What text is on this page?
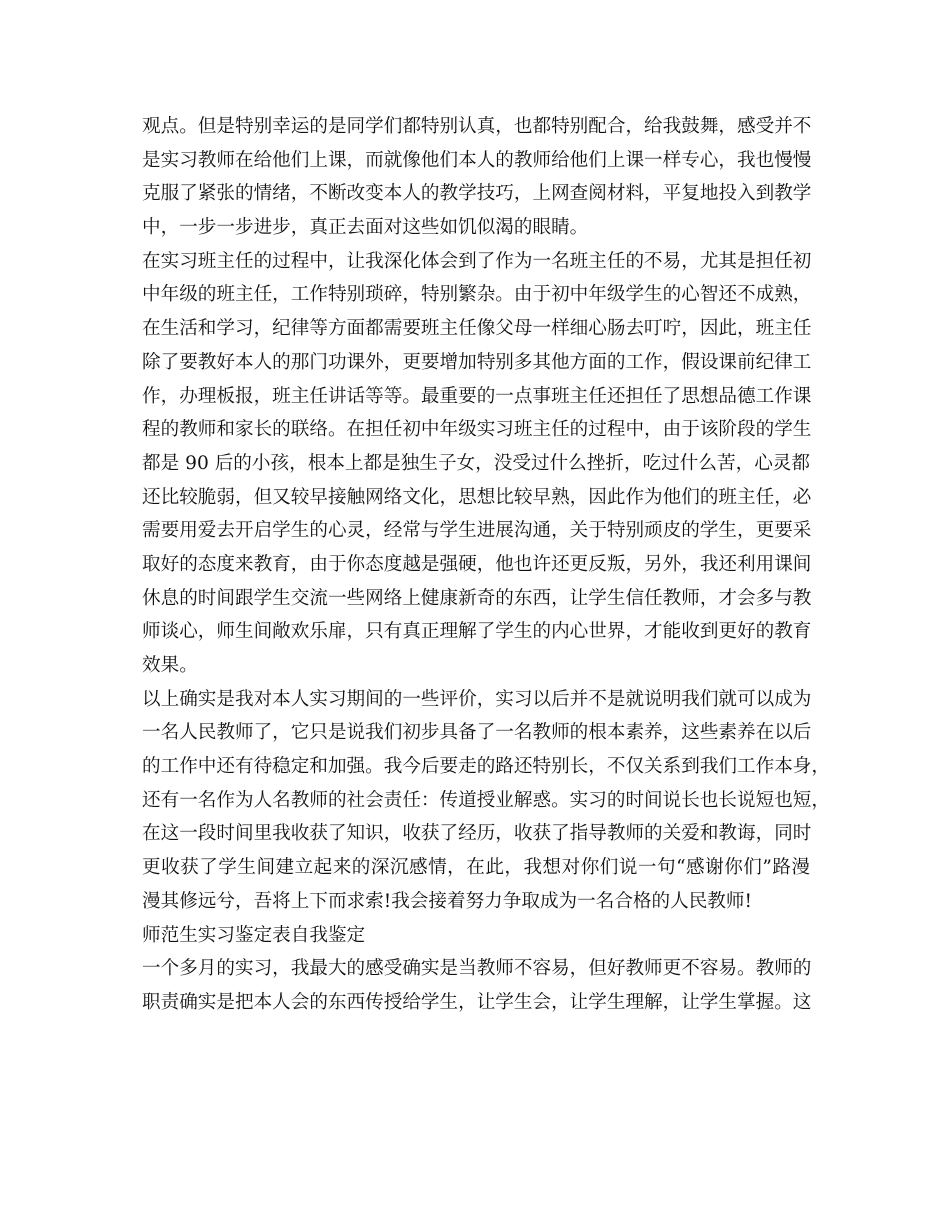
观点。但是特别幸运的是同学们都特别认真，也都特别配合，给我鼓舞，感受并不
是实习教师在给他们上课，而就像他们本人的教师给他们上课一样专心，我也慢慢
克服了紧张的情绪，不断改变本人的教学技巧，上网查阅材料，平复地投入到教学
中，一步一步进步，真正去面对这些如饥似渴的眼睛。
在实习班主任的过程中，让我深化体会到了作为一名班主任的不易，尤其是担任初
中年级的班主任，工作特别琐碎，特别繁杂。由于初中年级学生的心智还不成熟，
在生活和学习，纪律等方面都需要班主任像父母一样细心肠去叮咛，因此，班主任
除了要教好本人的那门功课外，更要增加特别多其他方面的工作，假设课前纪律工
作，办理板报，班主任讲话等等。最重要的一点事班主任还担任了思想品德工作课
程的教师和家长的联络。在担任初中年级实习班主任的过程中，由于该阶段的学生
都是 90 后的小孩，根本上都是独生子女，没受过什么挫折，吃过什么苦，心灵都
还比较脆弱，但又较早接触网络文化，思想比较早熟，因此作为他们的班主任，必
需要用爱去开启学生的心灵，经常与学生进展沟通，关于特别顽皮的学生，更要采
取好的态度来教育，由于你态度越是强硬，他也许还更反叛，另外，我还利用课间
休息的时间跟学生交流一些网络上健康新奇的东西，让学生信任教师，才会多与教
师谈心，师生间敞欢乐扉，只有真正理解了学生的内心世界，才能收到更好的教育
效果。
以上确实是我对本人实习期间的一些评价，实习以后并不是就说明我们就可以成为
一名人民教师了，它只是说我们初步具备了一名教师的根本素养，这些素养在以后
的工作中还有待稳定和加强。我今后要走的路还特别长，不仅关系到我们工作本身，
还有一名作为人名教师的社会责任：传道授业解惑。实习的时间说长也长说短也短，
在这一段时间里我收获了知识，收获了经历，收获了指导教师的关爱和教诲，同时
更收获了学生间建立起来的深沉感情，在此，我想对你们说一句“感谢你们”路漫
漫其修远兮，吾将上下而求索!我会接着努力争取成为一名合格的人民教师!
师范生实习鉴定表自我鉴定
一个多月的实习，我最大的感受确实是当教师不容易，但好教师更不容易。教师的
职责确实是把本人会的东西传授给学生，让学生会，让学生理解，让学生掌握。这
